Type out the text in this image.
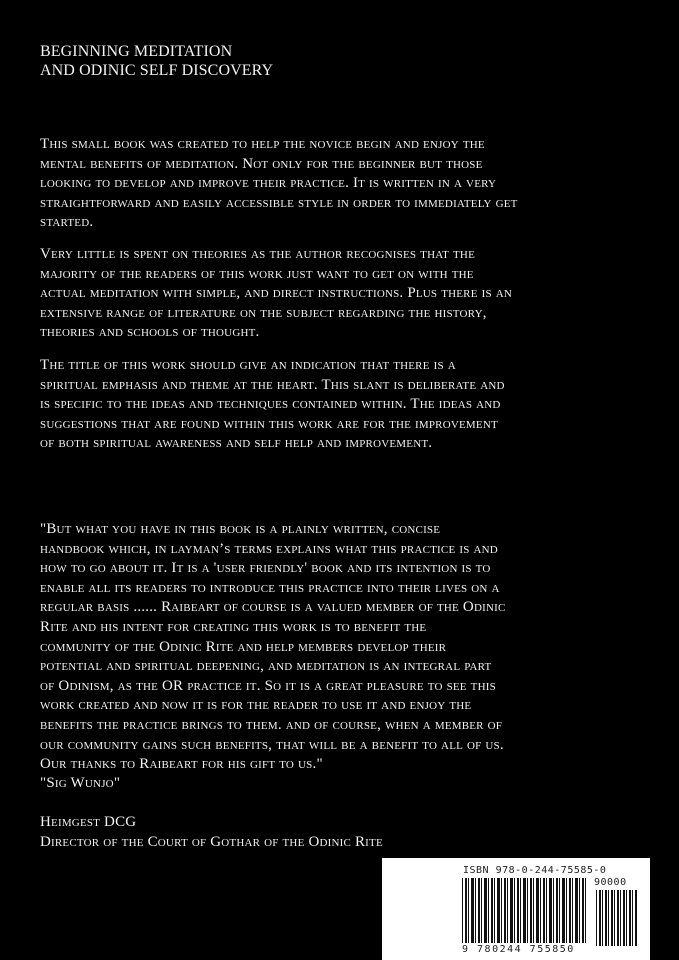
BEGINNING MEDITATION
AND ODINIC SELF DISCOVERY
This small book was created to help the novice begin and enjoy the
mental benefits of meditation. Not only for the beginner but those
looking to develop and improve their practice. It is written in a very
straightforward and easily accessible style in order to immediately get
started.
Very little is spent on theories as the author recognises that the
majority of the readers of this work just want to get on with the
actual meditation with simple, and direct instructions. Plus there is an
extensive range of literature on the subject regarding the history,
theories and schools of thought.
The title of this work should give an indication that there is a
spiritual emphasis and theme at the heart. This slant is deliberate and
is specific to the ideas and techniques contained within. The ideas and
suggestions that are found within this work are for the improvement
of both spiritual awareness and self help and improvement.
"But what you have in this book is a plainly written, concise
handbook which, in layman’s terms explains what this practice is and
how to go about it. It is a 'user friendly' book and its intention is to
enable all its readers to introduce this practice into their lives on a
regular basis ...... Raibeart of course is a valued member of the Odinic
Rite and his intent for creating this work is to benefit the
community of the Odinic Rite and help members develop their
potential and spiritual deepening, and meditation is an integral part
of Odinism, as the OR practice it. So it is a great pleasure to see this
work created and now it is for the reader to use it and enjoy the
benefits the practice brings to them. and of course, when a member of
our community gains such benefits, that will be a benefit to all of us.
Our thanks to Raibeart for his gift to us."
"Sig Wunjo"
Heimgest DCG
Director of the Court of Gothar of the Odinic Rite
ISBN 978-0-244-75585-0
90000
9 780244 755850
